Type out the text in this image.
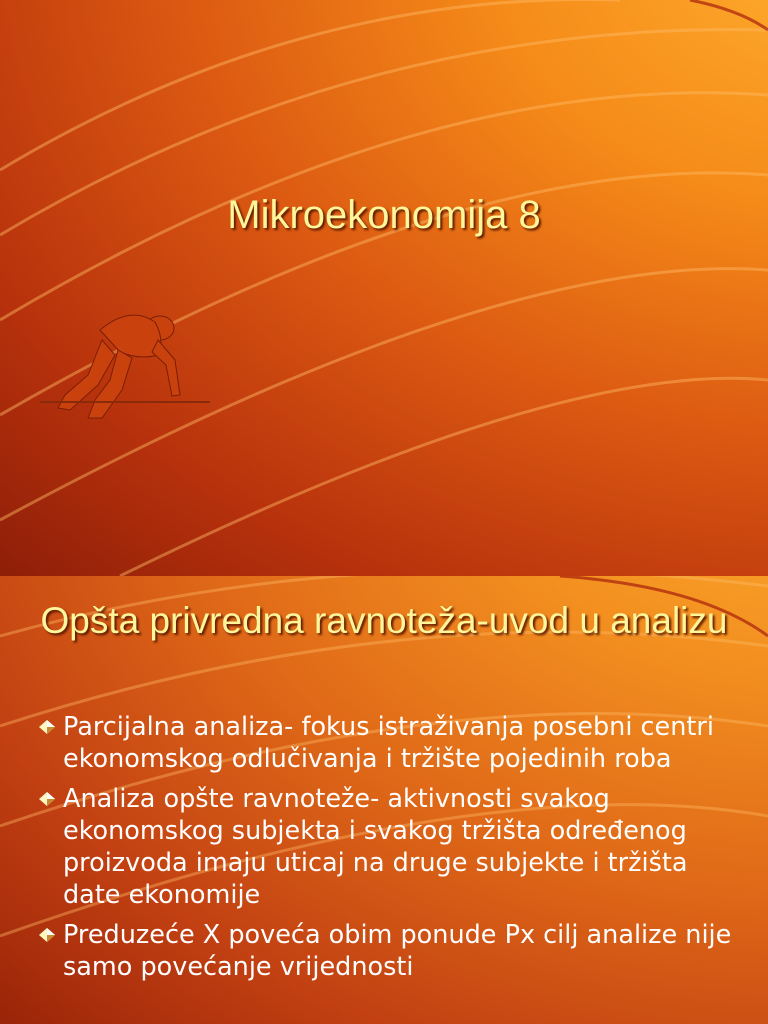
Mikroekonomija 8
Opšta privredna ravnoteža-uvod u analizu
Parcijalna analiza- fokus istraživanja posebni centri ekonomskog odlučivanja i tržište pojedinih roba
Analiza opšte ravnoteže- aktivnosti svakog ekonomskog subjekta i svakog tržišta određenog proizvoda imaju uticaj na druge subjekte i tržišta date ekonomije
Preduzeće X poveća obim ponude Px cilj analize nije samo povećanje vrijednosti
